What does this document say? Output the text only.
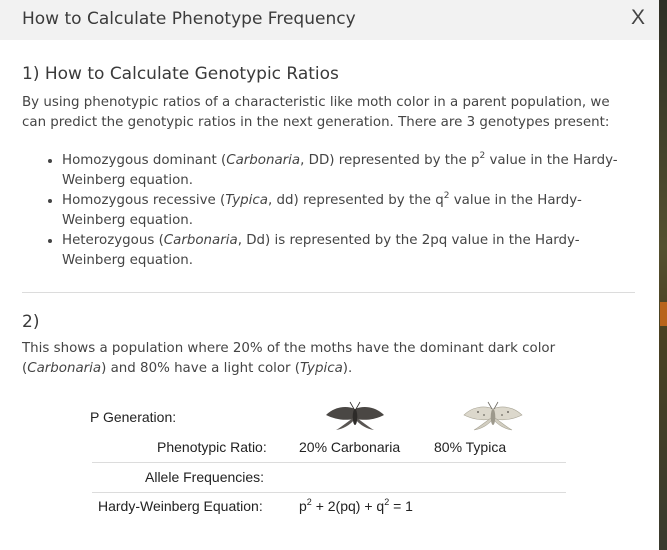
How to Calculate Phenotype Frequency	X
1) How to Calculate Genotypic Ratios

By using phenotypic ratios of a characteristic like moth color in a parent population, we can predict the genotypic ratios in the next generation. There are 3 genotypes present:

• Homozygous dominant (Carbonaria, DD) represented by the $p^2$ value in the Hardy-Weinberg equation.
• Homozygous recessive (Typica, dd) represented by the $q^2$ value in the Hardy-Weinberg equation.
• Heterozygous (Carbonaria, Dd) is represented by the 2pq value in the Hardy-Weinberg equation.
2)

This shows a population where 20% of the moths have the dominant dark color (Carbonaria) and 80% have a light color (Typica).

P Generation:
Phenotypic Ratio: 20% Carbonaria 80% Typica
Allele Frequencies:
Hardy-Weinberg Equation:	$p^2 + 2(pq) + q^2 = 1$
